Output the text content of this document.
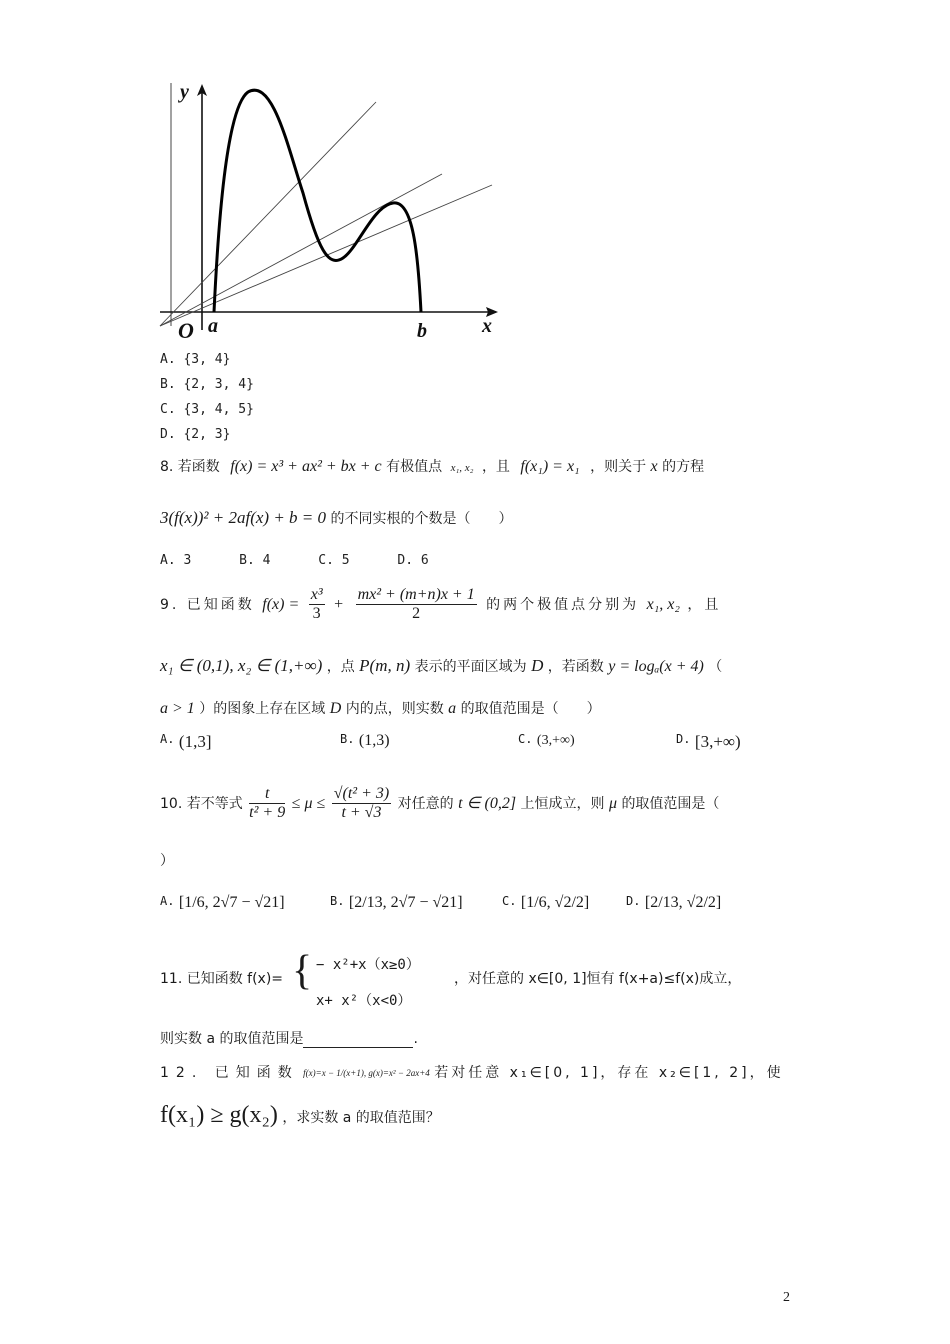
y
x
O a	b
A. {3, 4}
B. {2, 3, 4}
C. {3, 4, 5}
D. {2, 3}
8. 若函数 f(x) = x³ + ax² + bx + c 有极值点 x₁, x₂ ，且 f(x₁) = x₁ ，则关于 x 的方程
3(f(x))² + 2af(x) + b = 0 的不同实根的个数是（　　）
A. 3	B. 4	C. 5	D. 6
9. 已知函数 $f(x) = \frac{\text{x³}}{3} + \frac{\text{mx² + (m+n)x + 1}}{2}$ 的两个极值点分别为 x₁, x₂ ，且
x₁ ∈ (0,1), x₂ ∈ (1,+∞) ，点 P(m, n) 表示的平面区域为 D ，若函数 y = logₐ(x + 4) （
a > 1 ）的图象上存在区域 D 内的点，则实数 a 的取值范围是（　　）
A. (1,3]	B. (1,3)	C. (3,+∞)	D. [3,+∞)
10. 若不等式 $\frac{t}{\text{t² + 9}} \le \mu \le \frac{\text{√(t² + 3)}}{t + √3}$ 对任意的 t ∈ (0,2] 上恒成立，则 μ 的取值范围是（
）
A. [1/6, 2√7 − √21]	B. [2/13, 2√7 − √21]	C. [1/6, √2/2]	D. [2/13, √2/2]
11. 已知函数 f(x)= { − x²+x（x≥0）
x+ x²（x<0）
，对任意的 x∈[0, 1]恒有 f(x+a)≤f(x)成立，
则实数 a 的取值范围是	.
12. 已知函数 f(x)=x − 1/(x+1), g(x)=x² − 2ax+4 若对任意 x₁∈[0, 1]，存在 x₂∈[1, 2]，使
f(x₁) ≥ g(x₂) ，求实数 a 的取值范围？
2
